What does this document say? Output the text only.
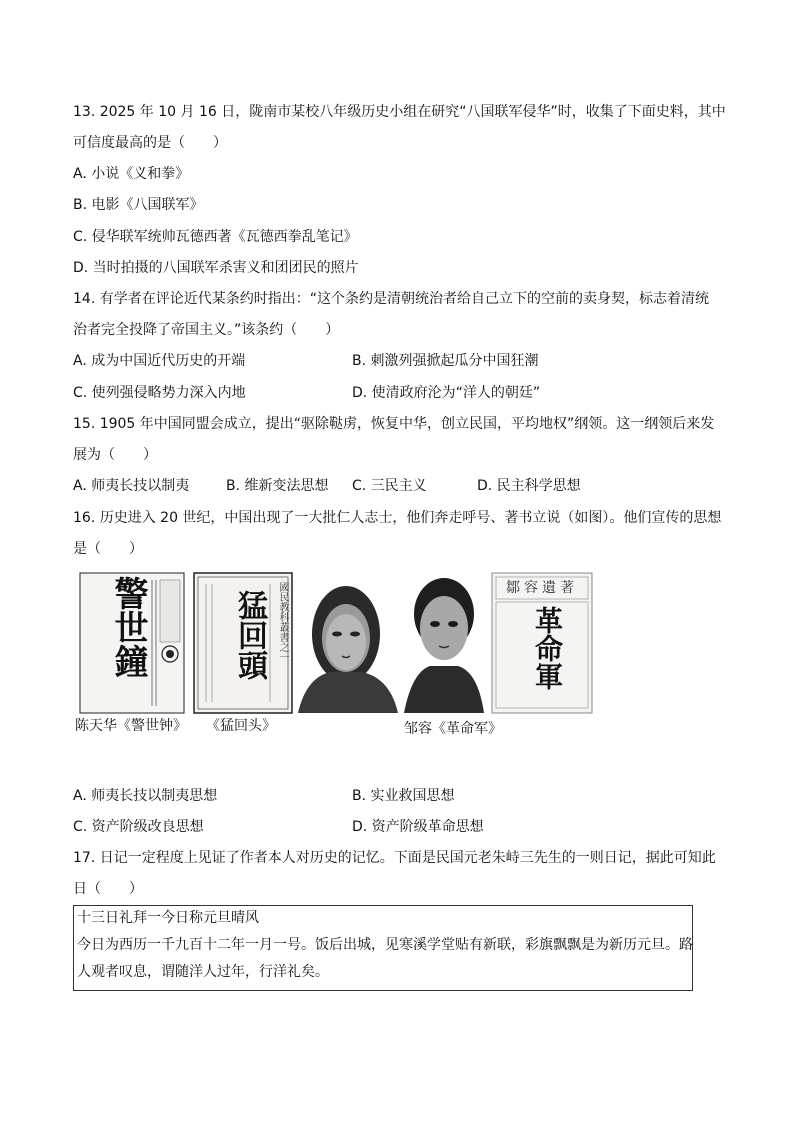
13. 2025 年 10 月 16 日，陇南市某校八年级历史小组在研究“八国联军侵华”时，收集了下面史料，其中
可信度最高的是（　　）
A. 小说《义和拳》
B. 电影《八国联军》
C. 侵华联军统帅瓦德西著《瓦德西拳乱笔记》
D. 当时拍摄的八国联军杀害义和团团民的照片
14. 有学者在评论近代某条约时指出：“这个条约是清朝统治者给自己立下的空前的卖身契，标志着清统
治者完全投降了帝国主义。”该条约（　　）
A. 成为中国近代历史的开端	B. 刺激列强掀起瓜分中国狂潮
C. 使列强侵略势力深入内地	D. 使清政府沦为“洋人的朝廷”
15. 1905 年中国同盟会成立，提出“驱除鞑虏，恢复中华，创立民国，平均地权”纲领。这一纲领后来发
展为（　　）
A. 师夷长技以制夷	B. 维新变法思想 C. 三民主义	D. 民主科学思想
16. 历史进入 20 世纪，中国出现了一大批仁人志士，他们奔走呼号、著书立说（如图）。他们宣传的思想
是（　　）
警世鐘	猛回頭	國民教科叢書之一	鄒容遺著
革命軍
陈天华《警世钟》 《猛回头》	邹容《革命军》
A. 师夷长技以制夷思想	B. 实业救国思想
C. 资产阶级改良思想	D. 资产阶级革命思想
17. 日记一定程度上见证了作者本人对历史的记忆。下面是民国元老朱峙三先生的一则日记，据此可知此
日（　　）
十三日礼拜一今日称元旦晴风
今日为西历一千九百十二年一月一号。饭后出城，见寒溪学堂贴有新联，彩旗飘飘是为新历元旦。路
人观者叹息，谓随洋人过年，行洋礼矣。
